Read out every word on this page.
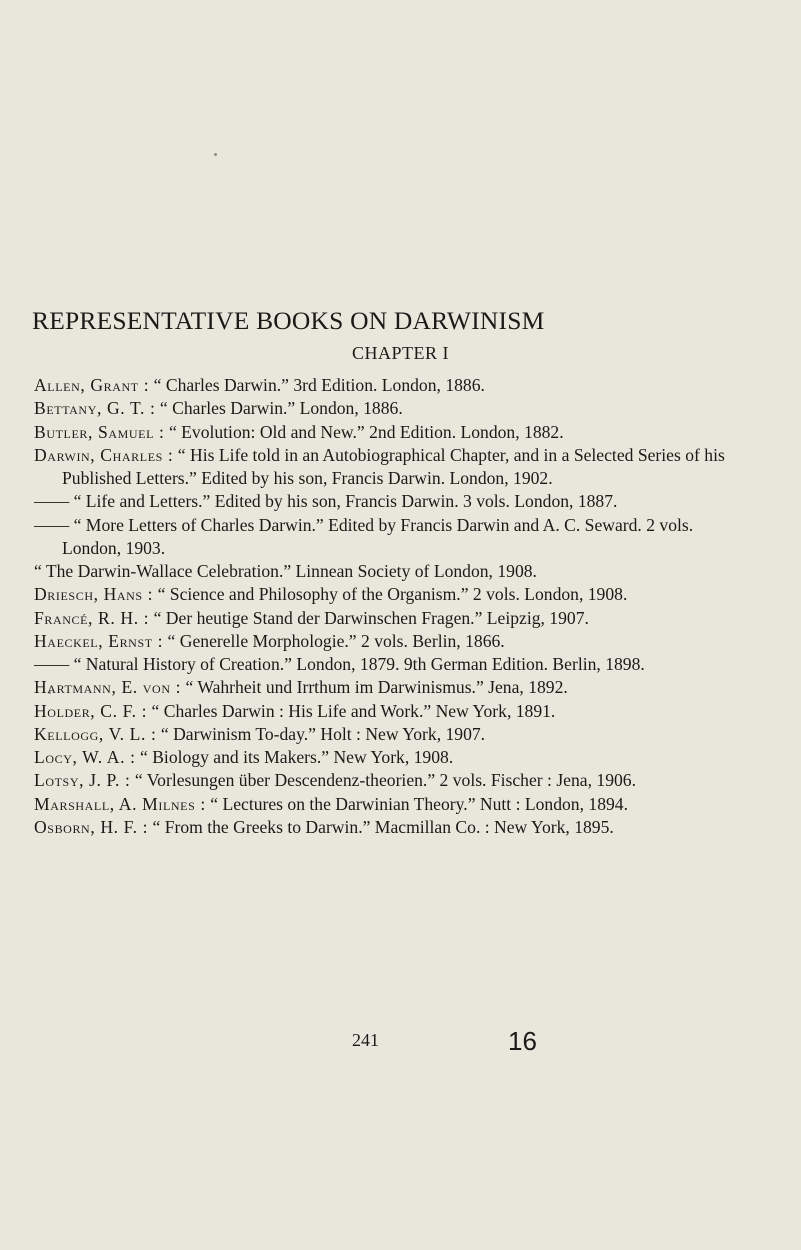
REPRESENTATIVE BOOKS ON DARWINISM
CHAPTER I
Allen, Grant : “ Charles Darwin.” 3rd Edition. London, 1886.
Bettany, G. T. : “ Charles Darwin.” London, 1886.
Butler, Samuel : “ Evolution: Old and New.” 2nd Edition. London, 1882.
Darwin, Charles : “ His Life told in an Autobiographical Chapter, and in a Selected Series of his Published Letters.” Edited by his son, Francis Darwin. London, 1902.
—— “ Life and Letters.” Edited by his son, Francis Darwin. 3 vols. London, 1887.
—— “ More Letters of Charles Darwin.” Edited by Francis Darwin and A. C. Seward. 2 vols. London, 1903.
“ The Darwin-Wallace Celebration.” Linnean Society of London, 1908.
Driesch, Hans : “ Science and Philosophy of the Organism.” 2 vols. London, 1908.
Francé, R. H. : “ Der heutige Stand der Darwinschen Fragen.” Leipzig, 1907.
Haeckel, Ernst : “ Generelle Morphologie.” 2 vols. Berlin, 1866.
—— “ Natural History of Creation.” London, 1879. 9th German Edition. Berlin, 1898.
Hartmann, E. von : “ Wahrheit und Irrthum im Darwinismus.” Jena, 1892.
Holder, C. F. : “ Charles Darwin : His Life and Work.” New York, 1891.
Kellogg, V. L. : “ Darwinism To-day.” Holt : New York, 1907.
Locy, W. A. : “ Biology and its Makers.” New York, 1908.
Lotsy, J. P. : “ Vorlesungen über Descendenz-theorien.” 2 vols. Fischer : Jena, 1906.
Marshall, A. Milnes : “ Lectures on the Darwinian Theory.” Nutt : London, 1894.
Osborn, H. F. : “ From the Greeks to Darwin.” Macmillan Co. : New York, 1895.
241	16
